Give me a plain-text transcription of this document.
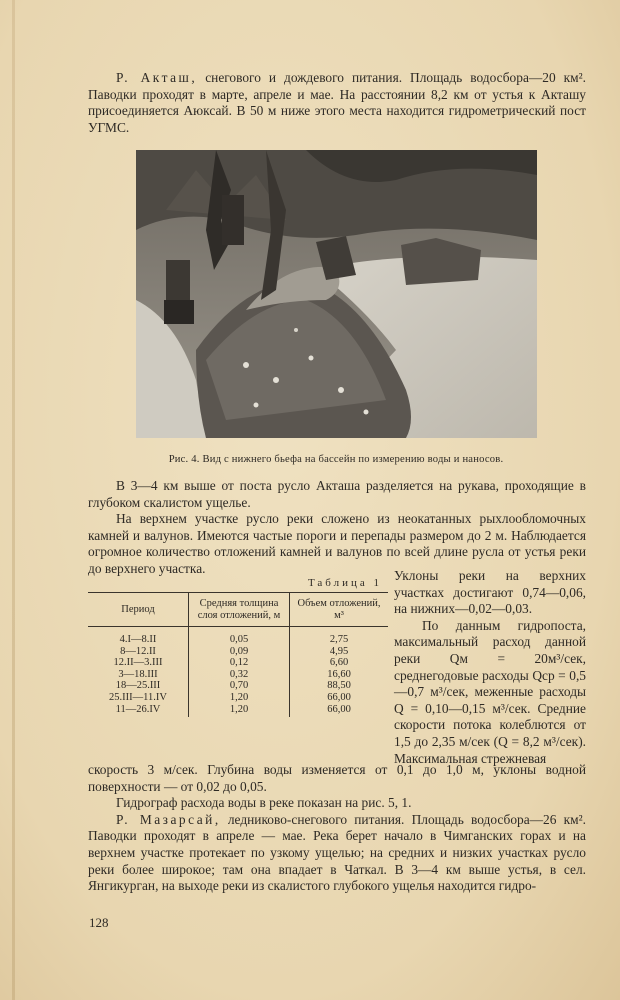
Р. Акташ, снегового и дождевого питания. Площадь водосбора—20 км². Паводки проходят в марте, апреле и мае. На расстоянии 8,2 км от устья к Акташу присоединяется Аюксай. В 50 м ниже этого места находится гидрометрический пост УГМС.

Рис. 4. Вид с нижнего бьефа на бассейн по измерению воды и наносов.

В 3—4 км выше от поста русло Акташа разделяется на рукава, проходящие в глубоком скалистом ущелье.

На верхнем участке русло реки сложено из неокатанных рыхлообломочных камней и валунов. Имеются частые пороги и перепады размером до 2 м. Наблюдается огромное количество отложений камней и валунов по всей длине русла от устья реки до верхнего участка.

Таблица 1
Период	Средняя толщина слоя отложений, м	Объем отложений, м³
4.I—8.II	0,05	2,75
8—12.II	0,09	4,95
12.II—3.III	0,12	6,60
3—18.III	0,32	16,60
18—25.III	0,70	88,50
25.III—11.IV	1,20	66,00
11—26.IV	1,20	66,00

Уклоны реки на верхних участках достигают 0,74—0,06, на нижних—0,02—0,03.

По данным гидропоста, максимальный расход данной реки Qм = 20м³/сек, среднегодовые расходы Qср = 0,5—0,7 м³/сек, меженные расходы Q = 0,10—0,15 м³/сек. Средние скорости потока колеблются от 1,5 до 2,35 м/сек (Q = 8,2 м³/сек). Максимальная стрежневая

скорость 3 м/сек. Глубина воды изменяется от 0,1 до 1,0 м, уклоны водной поверхности — от 0,02 до 0,05.

Гидрограф расхода воды в реке показан на рис. 5, 1.

Р. Мазарсай, ледниково-снегового питания. Площадь водосбора—26 км². Паводки проходят в апреле — мае. Река берет начало в Чимганских горах и на верхнем участке протекает по узкому ущелью; на средних и низких участках русло реки более широкое; там она впадает в Чаткал. В 3—4 км выше устья, в сел. Янгикурган, на выходе реки из скалистого глубокого ущелья находится гидро-

128
